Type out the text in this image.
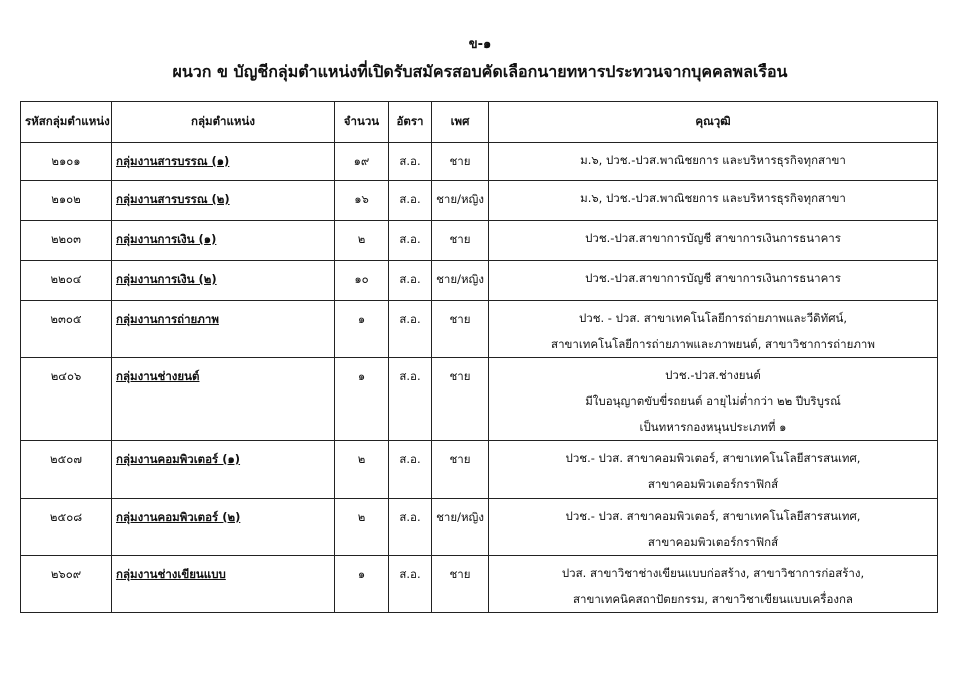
ข-๑
ผนวก ข บัญชีกลุ่มตำแหน่งที่เปิดรับสมัครสอบคัดเลือกนายทหารประทวนจากบุคคลพลเรือน
รหัสกลุ่มตำแหน่ง	กลุ่มตำแหน่ง	จำนวน	อัตรา	เพศ	คุณวุฒิ
๒๑๐๑	กลุ่มงานสารบรรณ (๑)	๑๙	ส.อ.	ชาย	ม.๖, ปวช.-ปวส.พาณิชยการ และบริหารธุรกิจทุกสาขา

๒๑๐๒	กลุ่มงานสารบรรณ (๒)	๑๖	ส.อ.	ชาย/หญิง	ม.๖, ปวช.-ปวส.พาณิชยการ และบริหารธุรกิจทุกสาขา

๒๒๐๓	กลุ่มงานการเงิน (๑)	๒	ส.อ.	ชาย	ปวช.-ปวส.สาขาการบัญชี สาขาการเงินการธนาคาร

๒๒๐๔	กลุ่มงานการเงิน (๒)	๑๐	ส.อ.	ชาย/หญิง	ปวช.-ปวส.สาขาการบัญชี สาขาการเงินการธนาคาร

๒๓๐๕	กลุ่มงานการถ่ายภาพ	๑	ส.อ.	ชาย	ปวช. - ปวส. สาขาเทคโนโลยีการถ่ายภาพและวีดิทัศน์,
สาขาเทคโนโลยีการถ่ายภาพและภาพยนต์, สาขาวิชาการถ่ายภาพ

๒๔๐๖	กลุ่มงานช่างยนต์	๑	ส.อ.	ชาย	ปวช.-ปวส.ช่างยนต์
มีใบอนุญาตขับขี่รถยนต์ อายุไม่ต่ำกว่า ๒๒ ปีบริบูรณ์
เป็นทหารกองหนุนประเภทที่ ๑

๒๕๐๗	กลุ่มงานคอมพิวเตอร์ (๑)	๒	ส.อ.	ชาย	ปวช.- ปวส. สาขาคอมพิวเตอร์, สาขาเทคโนโลยีสารสนเทศ,
สาขาคอมพิวเตอร์กราฟิกส์

๒๕๐๘	กลุ่มงานคอมพิวเตอร์ (๒)	๒	ส.อ.	ชาย/หญิง	ปวช.- ปวส. สาขาคอมพิวเตอร์, สาขาเทคโนโลยีสารสนเทศ,
สาขาคอมพิวเตอร์กราฟิกส์

๒๖๐๙	กลุ่มงานช่างเขียนแบบ	๑	ส.อ.	ชาย	ปวส. สาขาวิชาช่างเขียนแบบก่อสร้าง, สาขาวิชาการก่อสร้าง,
สาขาเทคนิคสถาปัตยกรรม, สาขาวิชาเขียนแบบเครื่องกล
